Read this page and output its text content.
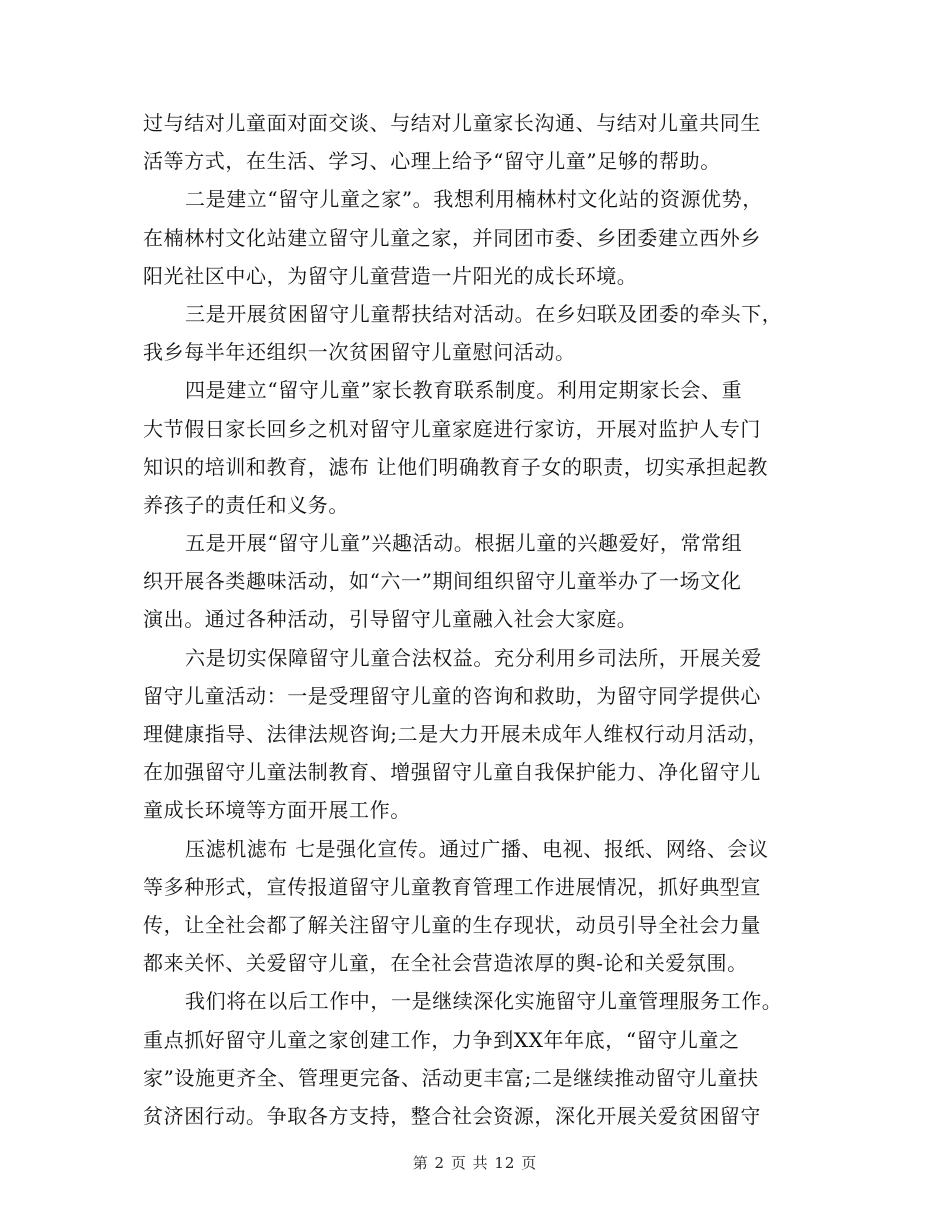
过与结对儿童面对面交谈、与结对儿童家长沟通、与结对儿童共同生
活等方式，在生活、学习、心理上给予“留守儿童”足够的帮助。
二是建立“留守儿童之家”。我想利用楠林村文化站的资源优势，
在楠林村文化站建立留守儿童之家，并同团市委、乡团委建立西外乡
阳光社区中心，为留守儿童营造一片阳光的成长环境。
三是开展贫困留守儿童帮扶结对活动。在乡妇联及团委的牵头下，
我乡每半年还组织一次贫困留守儿童慰问活动。
四是建立“留守儿童”家长教育联系制度。利用定期家长会、重
大节假日家长回乡之机对留守儿童家庭进行家访，开展对监护人专门
知识的培训和教育，滤布 让他们明确教育子女的职责，切实承担起教
养孩子的责任和义务。
五是开展“留守儿童”兴趣活动。根据儿童的兴趣爱好，常常组
织开展各类趣味活动，如“六一”期间组织留守儿童举办了一场文化
演出。通过各种活动，引导留守儿童融入社会大家庭。
六是切实保障留守儿童合法权益。充分利用乡司法所，开展关爱
留守儿童活动：一是受理留守儿童的咨询和救助，为留守同学提供心
理健康指导、法律法规咨询;二是大力开展未成年人维权行动月活动，
在加强留守儿童法制教育、增强留守儿童自我保护能力、净化留守儿
童成长环境等方面开展工作。
压滤机滤布 七是强化宣传。通过广播、电视、报纸、网络、会议
等多种形式，宣传报道留守儿童教育管理工作进展情况，抓好典型宣
传，让全社会都了解关注留守儿童的生存现状，动员引导全社会力量
都来关怀、关爱留守儿童，在全社会营造浓厚的舆-论和关爱氛围。
我们将在以后工作中，一是继续深化实施留守儿童管理服务工作。
重点抓好留守儿童之家创建工作，力争到XX年年底，“留守儿童之
家”设施更齐全、管理更完备、活动更丰富;二是继续推动留守儿童扶
贫济困行动。争取各方支持，整合社会资源，深化开展关爱贫困留守
第 2 页 共 12 页
